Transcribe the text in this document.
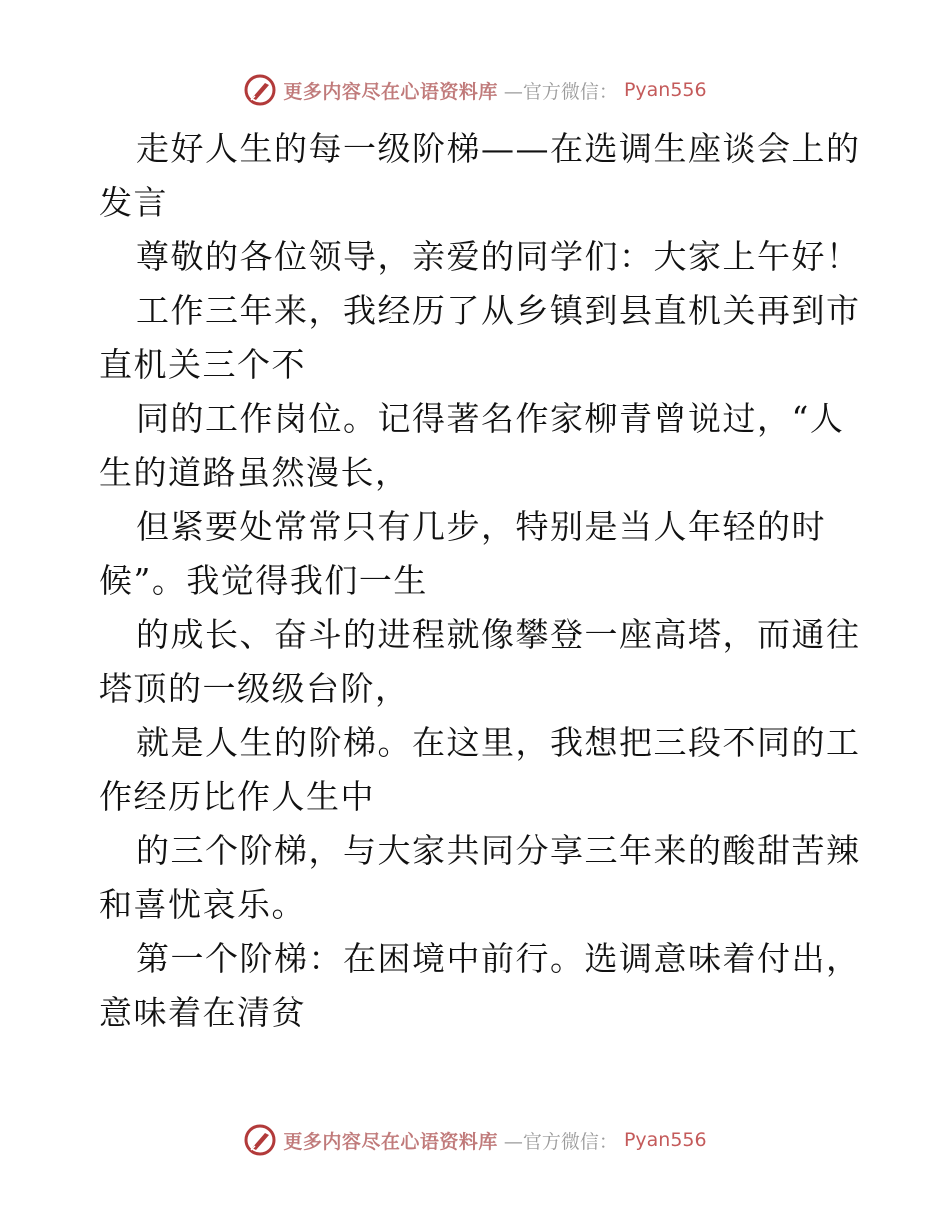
更多内容尽在心语资料库 —官方微信： Pyan556
走好人生的每一级阶梯——在选调生座谈会上的
发言
尊敬的各位领导，亲爱的同学们：大家上午好！
工作三年来，我经历了从乡镇到县直机关再到市
直机关三个不
同的工作岗位。记得著名作家柳青曾说过，“人
生的道路虽然漫长，
但紧要处常常只有几步，特别是当人年轻的时
候”。我觉得我们一生
的成长、奋斗的进程就像攀登一座高塔，而通往
塔顶的一级级台阶，
就是人生的阶梯。在这里，我想把三段不同的工
作经历比作人生中
的三个阶梯，与大家共同分享三年来的酸甜苦辣
和喜忧哀乐。
第一个阶梯：在困境中前行。选调意味着付出，
意味着在清贫
更多内容尽在心语资料库 —官方微信： Pyan556
